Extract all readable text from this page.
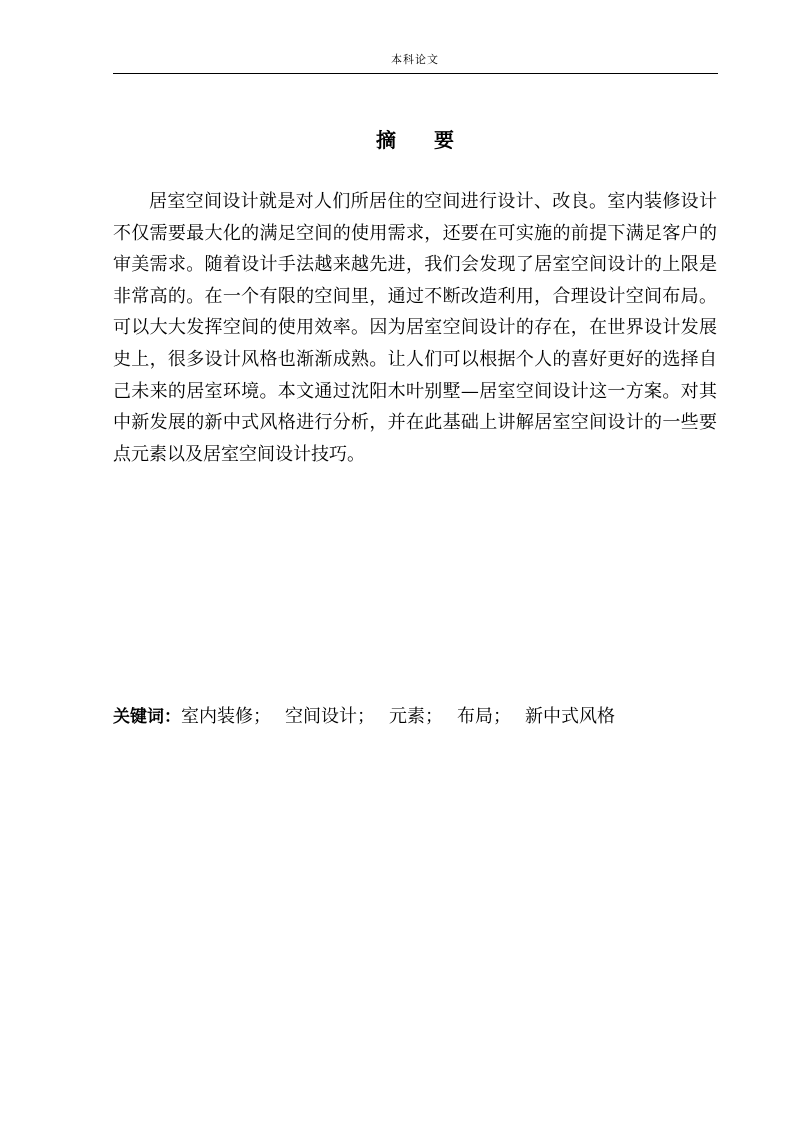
本科论文
摘要

居室空间设计就是对人们所居住的空间进行设计、改良。室内装修设计不仅需要最大化的满足空间的使用需求，还要在可实施的前提下满足客户的审美需求。随着设计手法越来越先进，我们会发现了居室空间设计的上限是非常高的。在一个有限的空间里，通过不断改造利用，合理设计空间布局。可以大大发挥空间的使用效率。因为居室空间设计的存在，在世界设计发展史上，很多设计风格也渐渐成熟。让人们可以根据个人的喜好更好的选择自己未来的居室环境。本文通过沈阳木叶别墅—居室空间设计这一方案。对其中新发展的新中式风格进行分析，并在此基础上讲解居室空间设计的一些要点元素以及居室空间设计技巧。

关键词：室内装修； 空间设计； 元素； 布局； 新中式风格
